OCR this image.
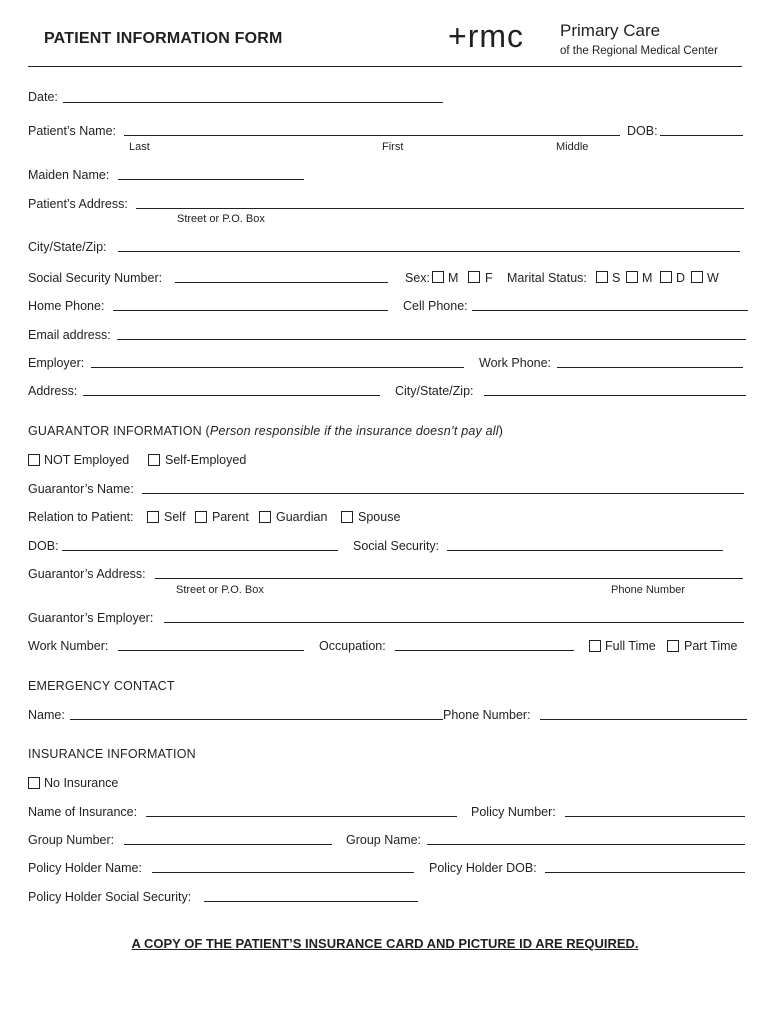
PATIENT INFORMATION FORM	+rmc Primary Care
of the Regional Medical Center
Date:
Patient’s Name:
Last	First	Middle
DOB:
Maiden Name:
Patient’s Address:
Street or P.O. Box
City/State/Zip:
Social Security Number:	Sex: M F Marital Status: S M D W
Home Phone:	Cell Phone:
Email address:
Employer:	Work Phone:
Address:	City/State/Zip:
GUARANTOR INFORMATION (Person responsible if the insurance doesn’t pay all)
NOT Employed	Self-Employed
Guarantor’s Name:
Relation to Patient: Self Parent Guardian Spouse
DOB:	Social Security:
Guarantor’s Address:
Street or P.O. Box	Phone Number
Guarantor’s Employer:
Work Number:	Occupation:	Full Time Part Time
EMERGENCY CONTACT
Name:	Phone Number:
INSURANCE INFORMATION
No Insurance
Name of Insurance:	Policy Number:
Group Number:	Group Name:
Policy Holder Name:	Policy Holder DOB:
Policy Holder Social Security:
A COPY OF THE PATIENT’S INSURANCE CARD AND PICTURE ID ARE REQUIRED.
